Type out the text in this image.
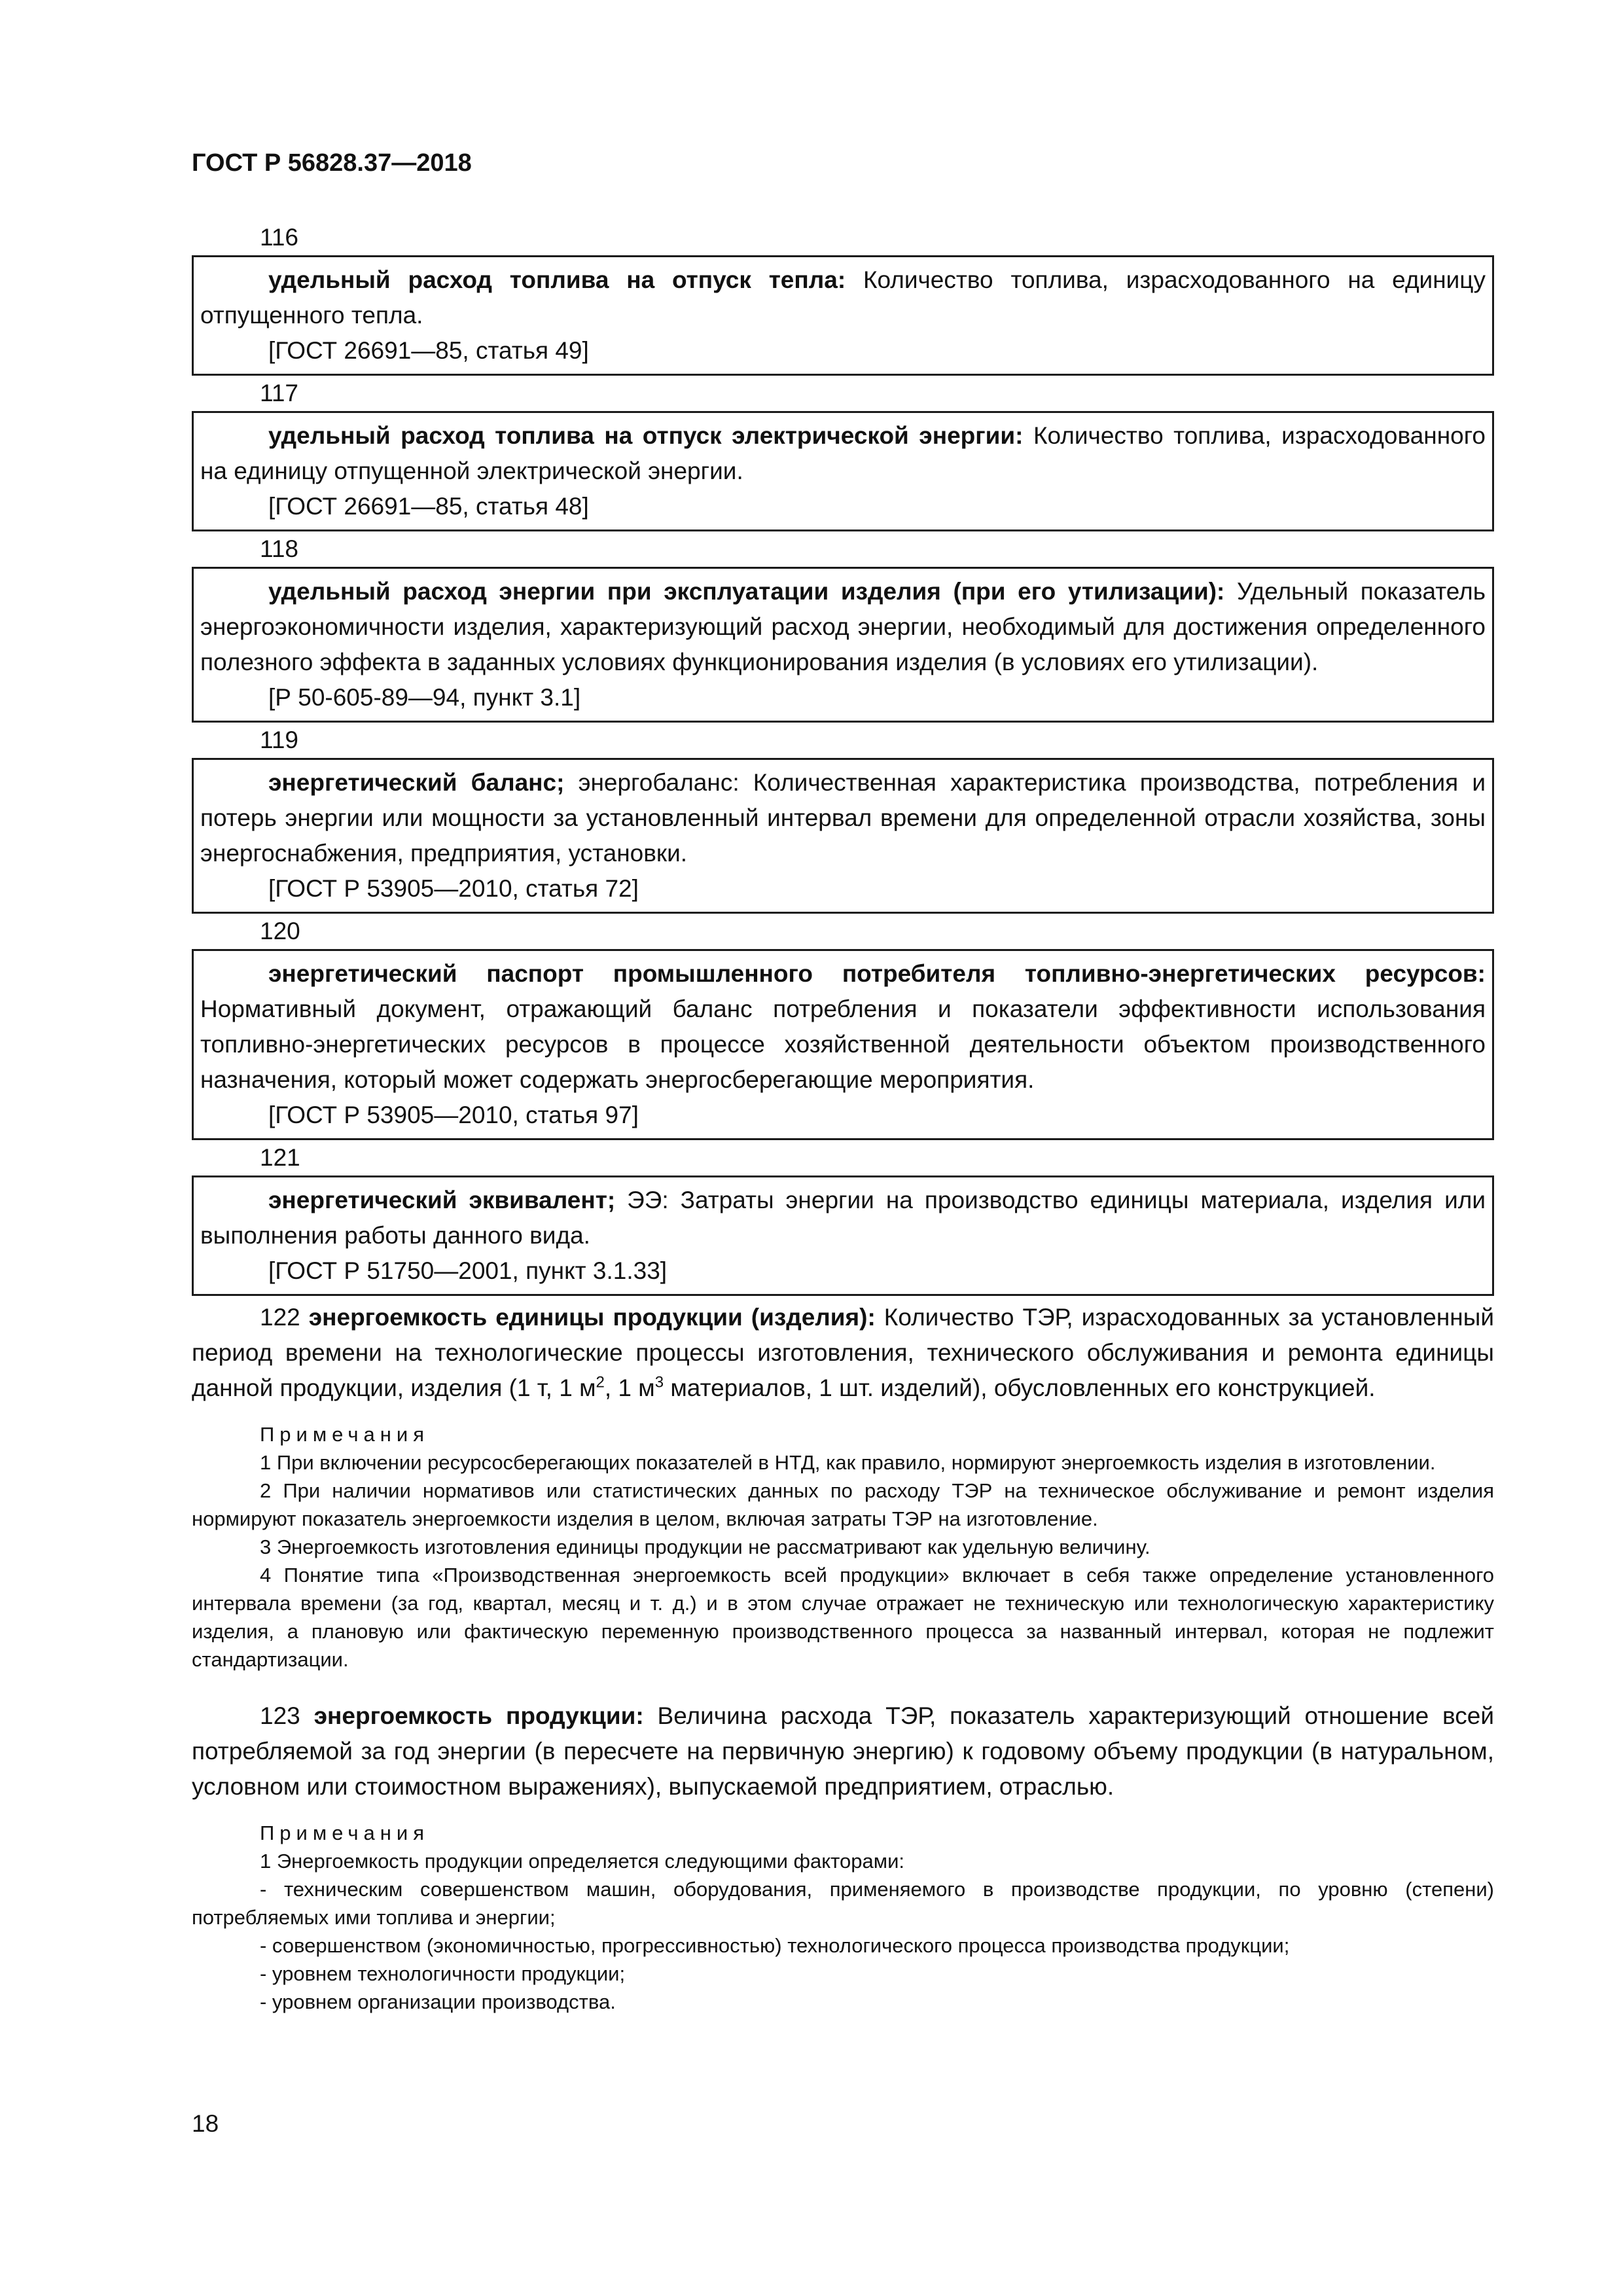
ГОСТ Р 56828.37—2018
116

удельный расход топлива на отпуск тепла: Количество топлива, израсходованного на единицу отпущенного тепла.

[ГОСТ 26691—85, статья 49]

117

удельный расход топлива на отпуск электрической энергии: Количество топлива, израсходованного на единицу отпущенной электрической энергии.

[ГОСТ 26691—85, статья 48]

118

удельный расход энергии при эксплуатации изделия (при его утилизации): Удельный показатель энергоэкономичности изделия, характеризующий расход энергии, необходимый для достижения определенного полезного эффекта в заданных условиях функционирования изделия (в условиях его утилизации).

[Р 50-605-89—94, пункт 3.1]

119

энергетический баланс; энергобаланс: Количественная характеристика производства, потребления и потерь энергии или мощности за установленный интервал времени для определенной отрасли хозяйства, зоны энергоснабжения, предприятия, установки.

[ГОСТ Р 53905—2010, статья 72]

120

энергетический паспорт промышленного потребителя топливно-энергетических ресурсов: Нормативный документ, отражающий баланс потребления и показатели эффективности использования топливно-энергетических ресурсов в процессе хозяйственной деятельности объектом производственного назначения, который может содержать энергосберегающие мероприятия.

[ГОСТ Р 53905—2010, статья 97]

121

энергетический эквивалент; ЭЭ: Затраты энергии на производство единицы материала, изделия или выполнения работы данного вида.

[ГОСТ Р 51750—2001, пункт 3.1.33]

122 энергоемкость единицы продукции (изделия): Количество ТЭР, израсходованных за установленный период времени на технологические процессы изготовления, технического обслуживания и ремонта единицы данной продукции, изделия (1 т, 1 $м^2$, 1 $м^3$ материалов, 1 шт. изделий), обусловленных его конструкцией.

Примечания

1 При включении ресурсосберегающих показателей в НТД, как правило, нормируют энергоемкость изделия в изготовлении.

2 При наличии нормативов или статистических данных по расходу ТЭР на техническое обслуживание и ремонт изделия нормируют показатель энергоемкости изделия в целом, включая затраты ТЭР на изготовление.

3 Энергоемкость изготовления единицы продукции не рассматривают как удельную величину.

4 Понятие типа «Производственная энергоемкость всей продукции» включает в себя также определение установленного интервала времени (за год, квартал, месяц и т. д.) и в этом случае отражает не техническую или технологическую характеристику изделия, а плановую или фактическую переменную производственного процесса за названный интервал, которая не подлежит стандартизации.

123 энергоемкость продукции: Величина расхода ТЭР, показатель характеризующий отношение всей потребляемой за год энергии (в пересчете на первичную энергию) к годовому объему продукции (в натуральном, условном или стоимостном выражениях), выпускаемой предприятием, отраслью.

Примечания

1 Энергоемкость продукции определяется следующими факторами:

- техническим совершенством машин, оборудования, применяемого в производстве продукции, по уровню (степени) потребляемых ими топлива и энергии;

- совершенством (экономичностью, прогрессивностью) технологического процесса производства продукции;

- уровнем технологичности продукции;

- уровнем организации производства.

18
